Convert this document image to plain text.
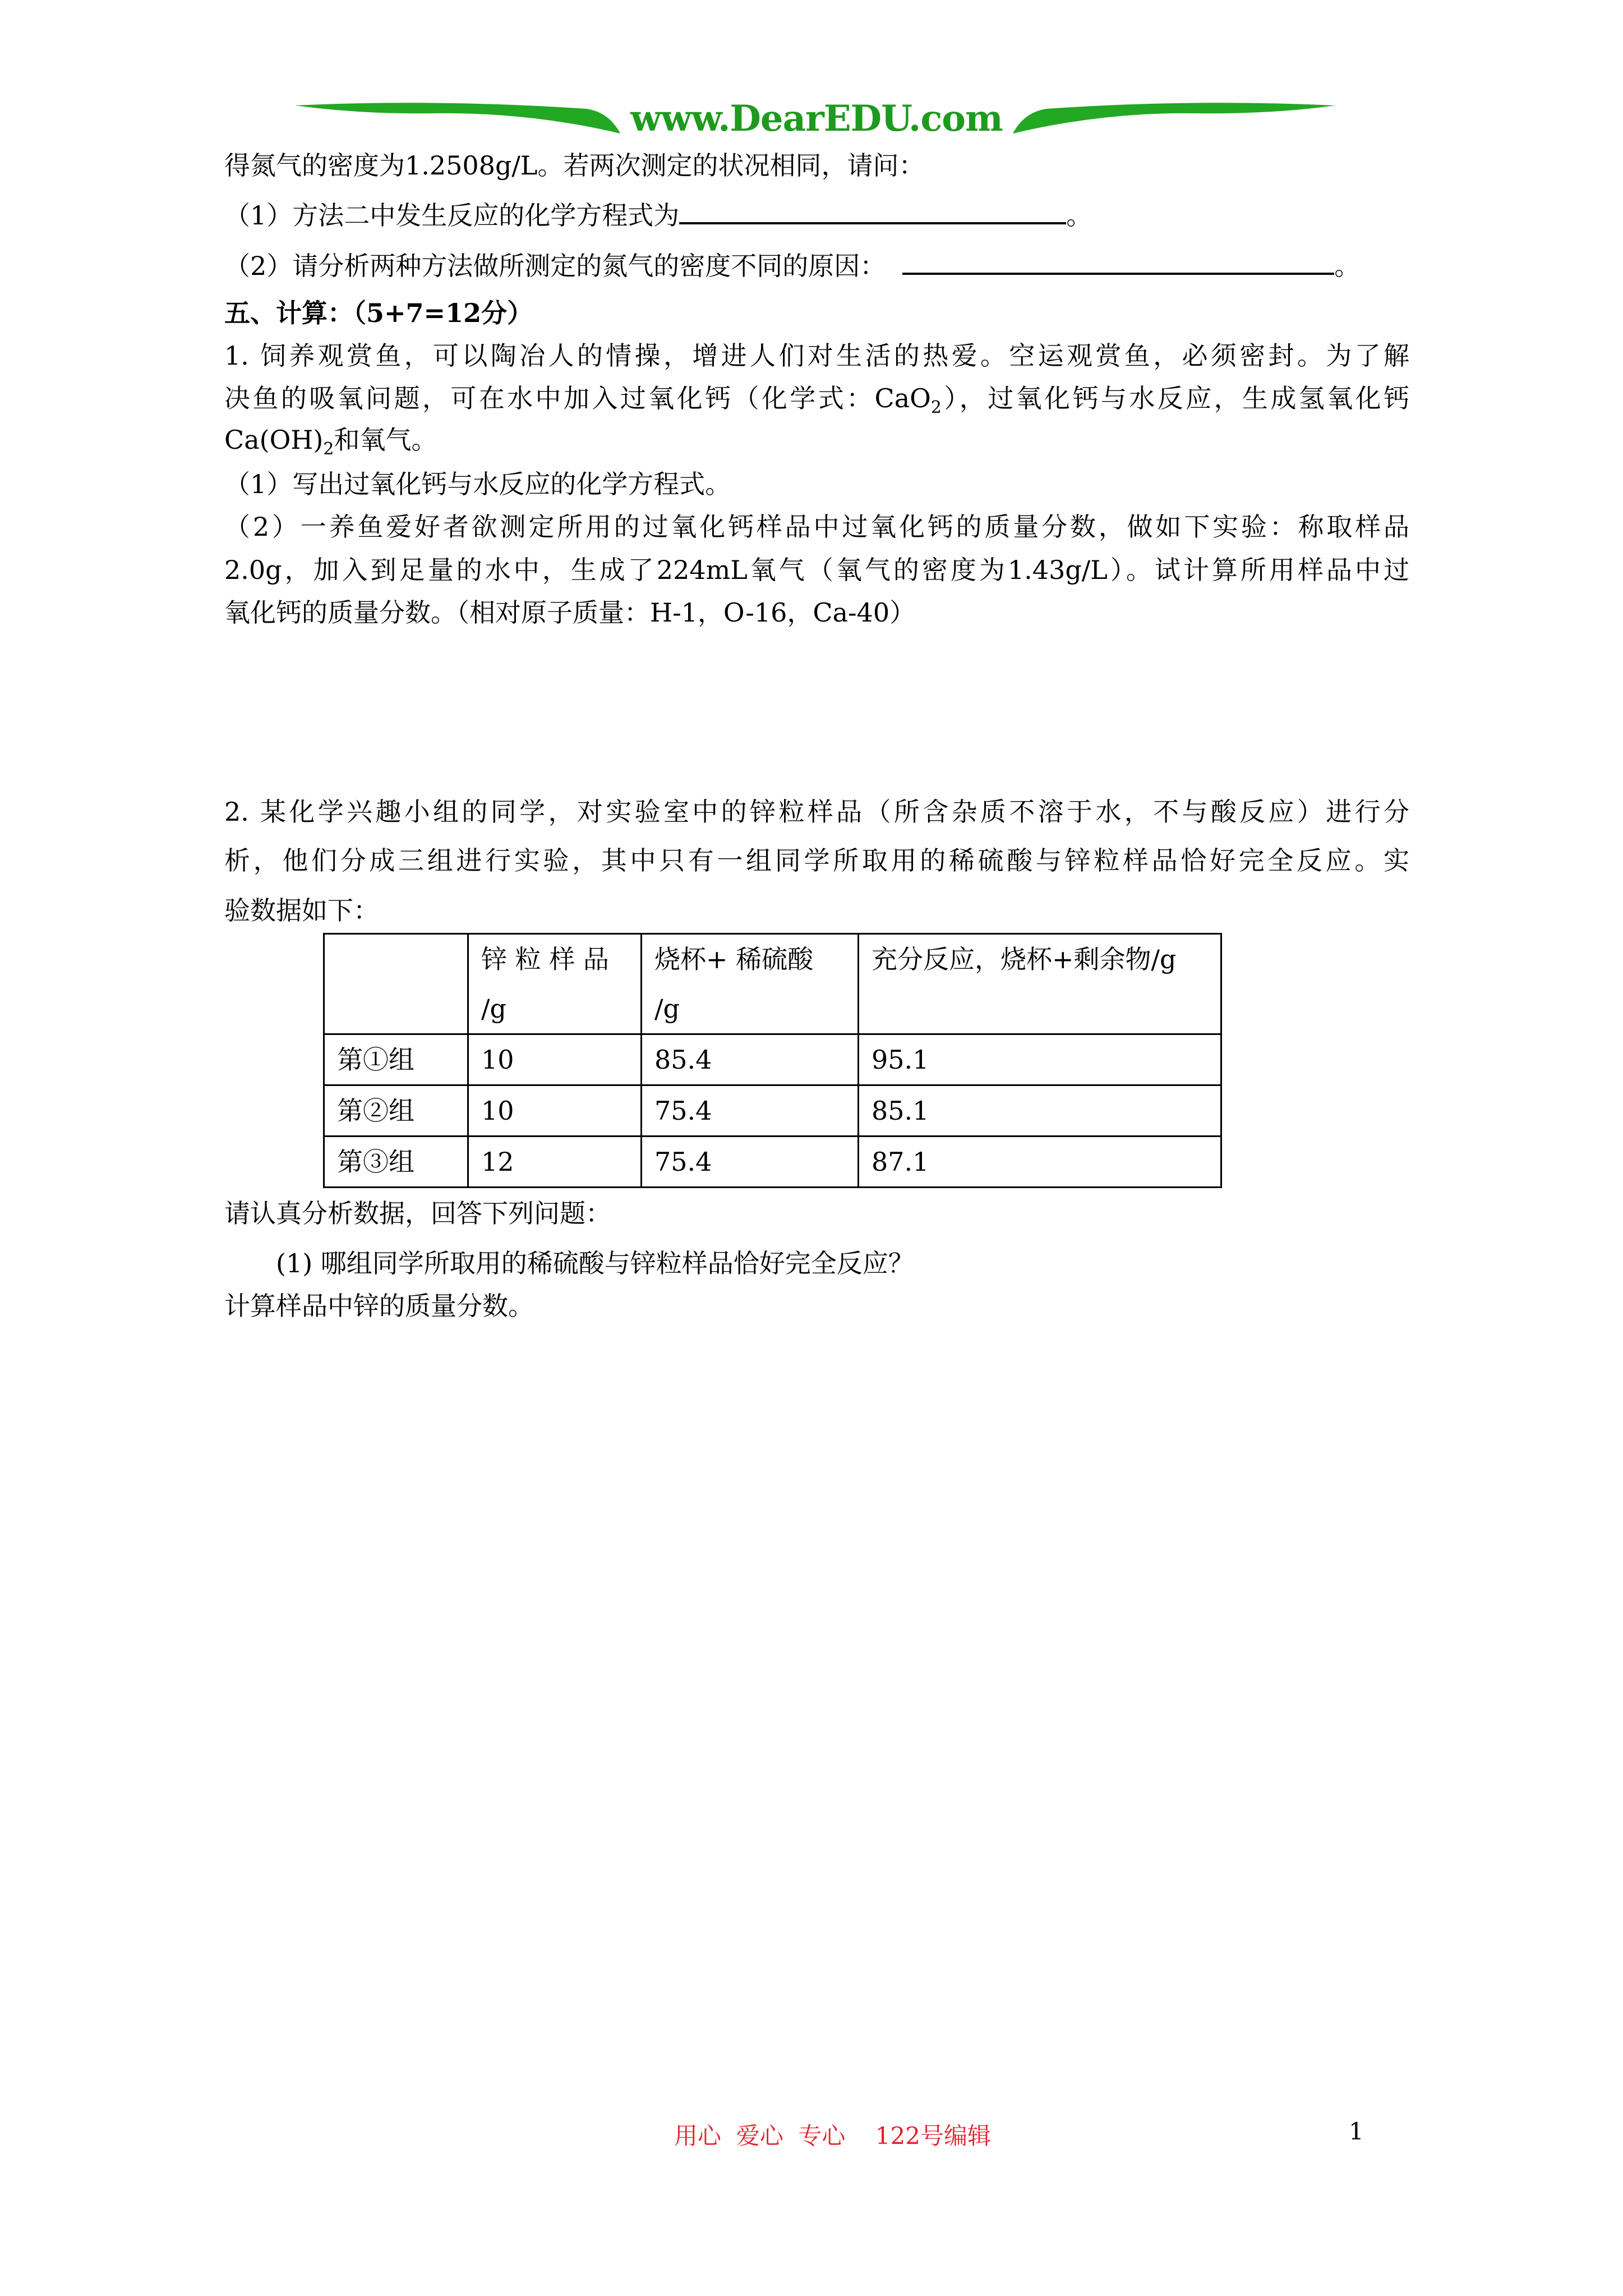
www.DearEDU.com
得氮气的密度为1.2508g/L。若两次测定的状况相同，请问：
（1）方法二中发生反应的化学方程式为	。
（2）请分析两种方法做所测定的氮气的密度不同的原因：	。
五、计算：（5+7=12分）
1. 饲养观赏鱼，可以陶冶人的情操，增进人们对生活的热爱。空运观赏鱼，必须密封。为了解
决鱼的吸氧问题，可在水中加入过氧化钙（化学式：CaO$_2$），过氧化钙与水反应，生成氢氧化钙
$Ca(OH)_2$和氧气。
（1）写出过氧化钙与水反应的化学方程式。
（2）一养鱼爱好者欲测定所用的过氧化钙样品中过氧化钙的质量分数，做如下实验：称取样品
2.0g，加入到足量的水中，生成了224mL氧气（氧气的密度为1.43g/L）。试计算所用样品中过
氧化钙的质量分数。（相对原子质量：H-1，O-16，Ca-40）
2. 某化学兴趣小组的同学，对实验室中的锌粒样品（所含杂质不溶于水，不与酸反应）进行分
析，他们分成三组进行实验，其中只有一组同学所取用的稀硫酸与锌粒样品恰好完全反应。实
验数据如下：
	锌 粒 样 品 /g	烧杯+ 稀硫酸 /g	充分反应，烧杯+剩余物/g
第①组	10	85.4	95.1
第②组	10	75.4	85.1
第③组	12	75.4	87.1
请认真分析数据，回答下列问题：
(1) 哪组同学所取用的稀硫酸与锌粒样品恰好完全反应？
计算样品中锌的质量分数。
用心  爱心  专心    122号编辑	1
